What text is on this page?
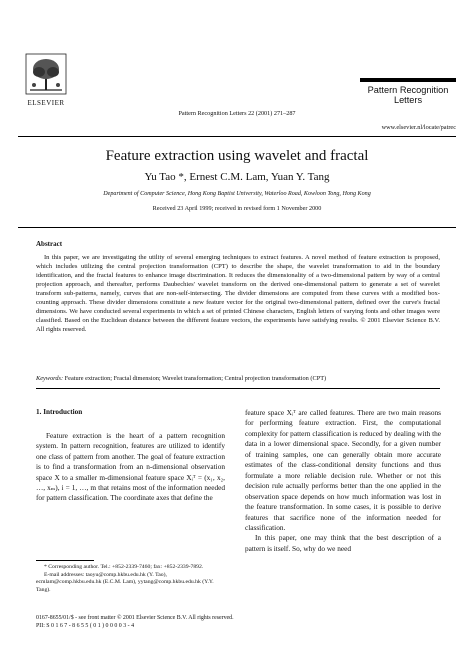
ELSEVIER
Pattern Recognition Letters 22 (2001) 271–287
Pattern Recognition
Letters
www.elsevier.nl/locate/patrec
Feature extraction using wavelet and fractal
Yu Tao *, Ernest C.M. Lam, Yuan Y. Tang
Department of Computer Science, Hong Kong Baptist University, Waterloo Road, Kowloon Tong, Hong Kong
Received 23 April 1999; received in revised form 1 November 2000
Abstract

In this paper, we are investigating the utility of several emerging techniques to extract features. A novel method of feature extraction is proposed, which includes utilizing the central projection transformation (CPT) to describe the shape, the wavelet transformation to aid in the boundary identification, and the fractal features to enhance image discrimination. It reduces the dimensionality of a two-dimensional pattern by way of a central projection approach, and thereafter, performs Daubechies' wavelet transform on the derived one-dimensional pattern to generate a set of wavelet transform sub-patterns, namely, curves that are non-self-intersecting. The divider dimensions are computed from these curves with a modified box-counting approach. These divider dimensions constitute a new feature vector for the original two-dimensional pattern, defined over the curve's fractal dimensions. We have conducted several experiments in which a set of printed Chinese characters, English letters of varying fonts and other images were classified. Based on the Euclidean distance between the different feature vectors, the experiments have satisfying results. © 2001 Elsevier Science B.V. All rights reserved.

Keywords: Feature extraction; Fractal dimension; Wavelet transformation; Central projection transformation (CPT)
1. Introduction

Feature extraction is the heart of a pattern recognition system. In pattern recognition, features are utilized to identify one class of pattern from another. The goal of feature extraction is to find a transformation from an n-dimensional observation space X to a smaller m-dimensional feature space Xᵢᵀ = (x₁, x₂, …, xₘ), i = 1, …, m that retains most of the information needed for pattern classification. The coordinate axes that define the

feature space Xᵢᵀ are called features. There are two main reasons for performing feature extraction. First, the computational complexity for pattern classification is reduced by dealing with the data in a lower dimensional space. Secondly, for a given number of training samples, one can generally obtain more accurate estimates of the class-conditional density functions and thus formulate a more reliable decision rule. Whether or not this decision rule actually performs better than the one applied in the observation space depends on how much information was lost in the feature transformation. In some cases, it is possible to derive features that sacrifice none of the information needed for classification.

In this paper, one may think that the best description of a pattern is itself. So, why do we need

* Corresponding author. Tel.: +852-2339-7460; fax: +852-2339-7892.

E-mail addresses: taoyu@comp.hkbu.edu.hk (Y. Tao), ecmlam@comp.hkbu.edu.hk (E.C.M. Lam), yytang@comp.hkbu.edu.hk (Y.Y. Tang).

0167-8655/01/$ - see front matter © 2001 Elsevier Science B.V. All rights reserved.
PII: S 0 1 6 7 - 8 6 5 5 ( 0 1 ) 0 0 0 0 3 - 4
